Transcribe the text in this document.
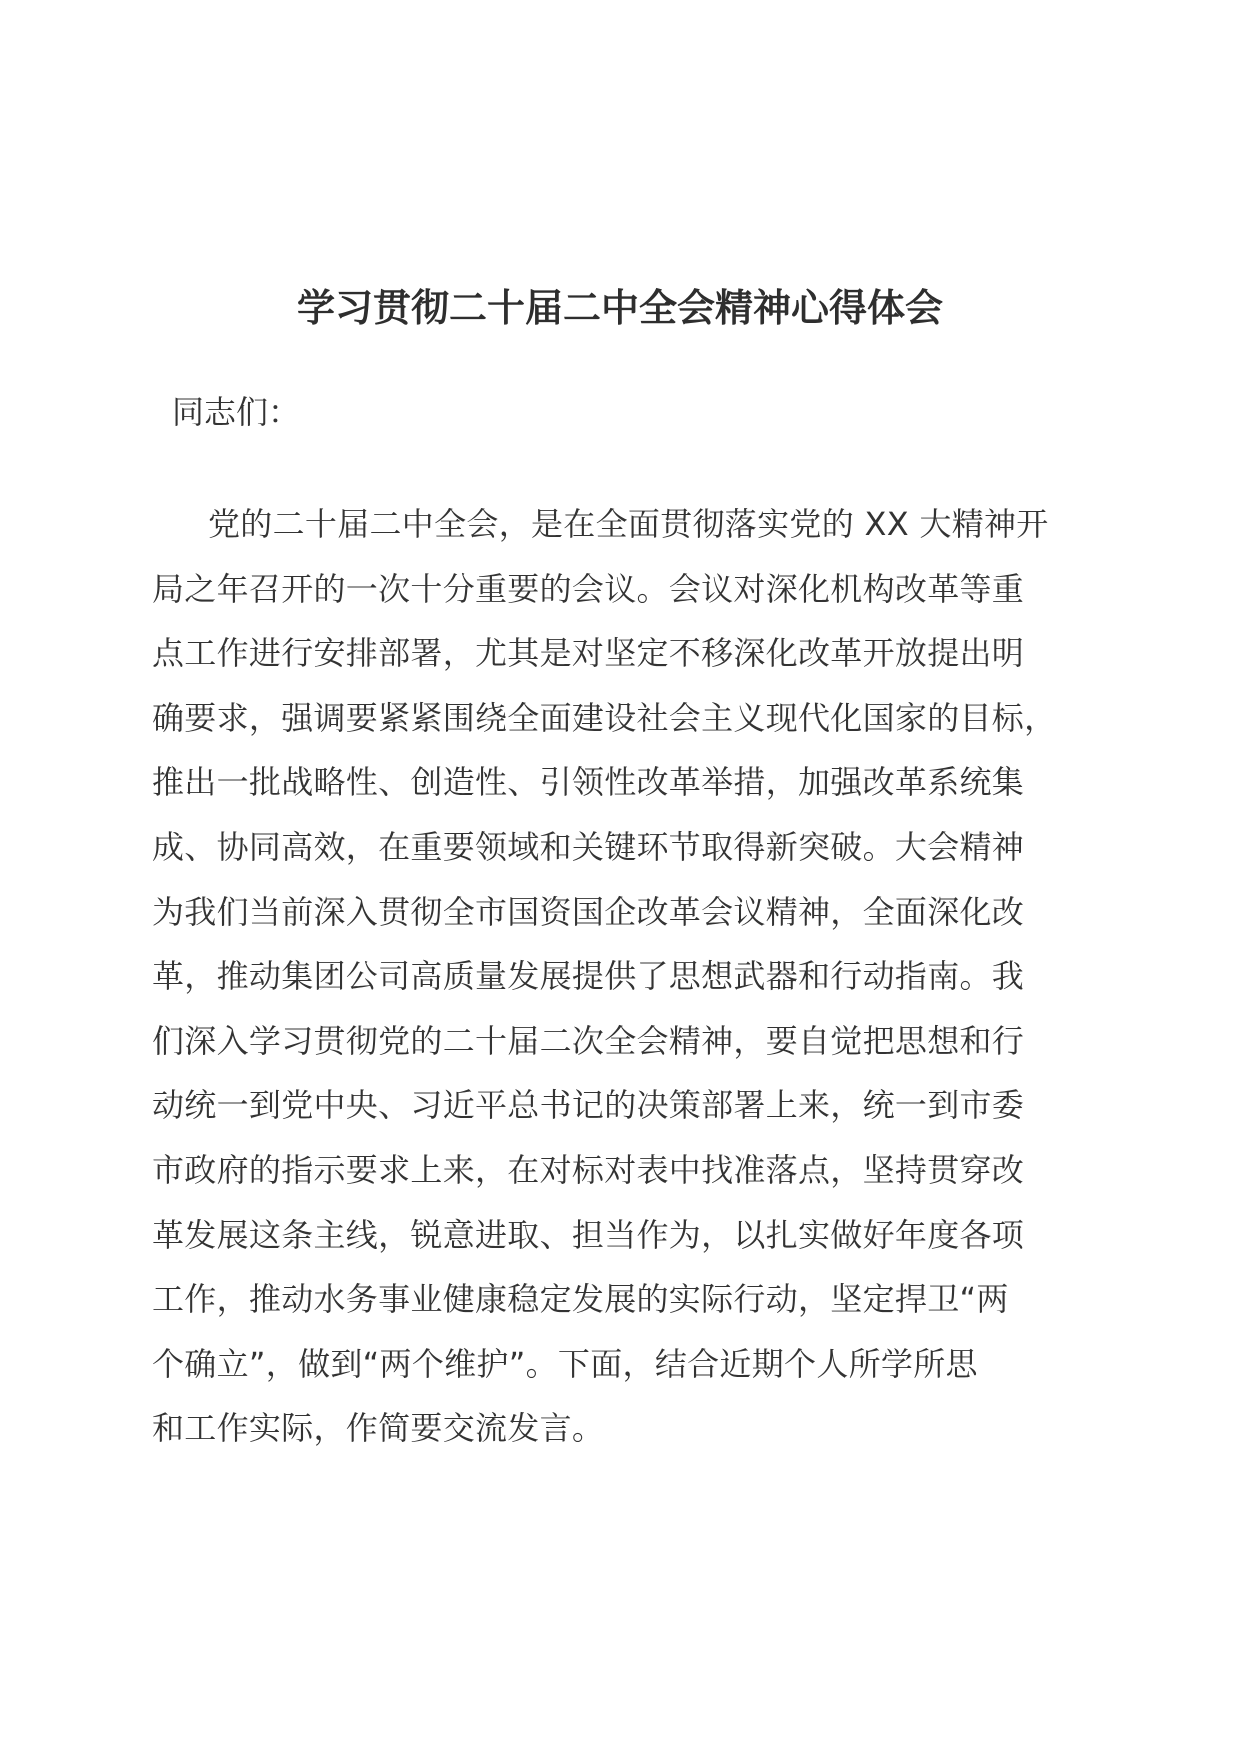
学习贯彻二十届二中全会精神心得体会

同志们：

党的二十届二中全会，是在全面贯彻落实党的 XX 大精神开
局之年召开的一次十分重要的会议。会议对深化机构改革等重
点工作进行安排部署，尤其是对坚定不移深化改革开放提出明
确要求，强调要紧紧围绕全面建设社会主义现代化国家的目标，
推出一批战略性、创造性、引领性改革举措，加强改革系统集
成、协同高效，在重要领域和关键环节取得新突破。大会精神
为我们当前深入贯彻全市国资国企改革会议精神，全面深化改
革，推动集团公司高质量发展提供了思想武器和行动指南。我
们深入学习贯彻党的二十届二次全会精神，要自觉把思想和行
动统一到党中央、习近平总书记的决策部署上来，统一到市委
市政府的指示要求上来，在对标对表中找准落点，坚持贯穿改
革发展这条主线，锐意进取、担当作为，以扎实做好年度各项
工作，推动水务事业健康稳定发展的实际行动，坚定捍卫“两
个确立”，做到“两个维护”。下面，结合近期个人所学所思
和工作实际，作简要交流发言。
